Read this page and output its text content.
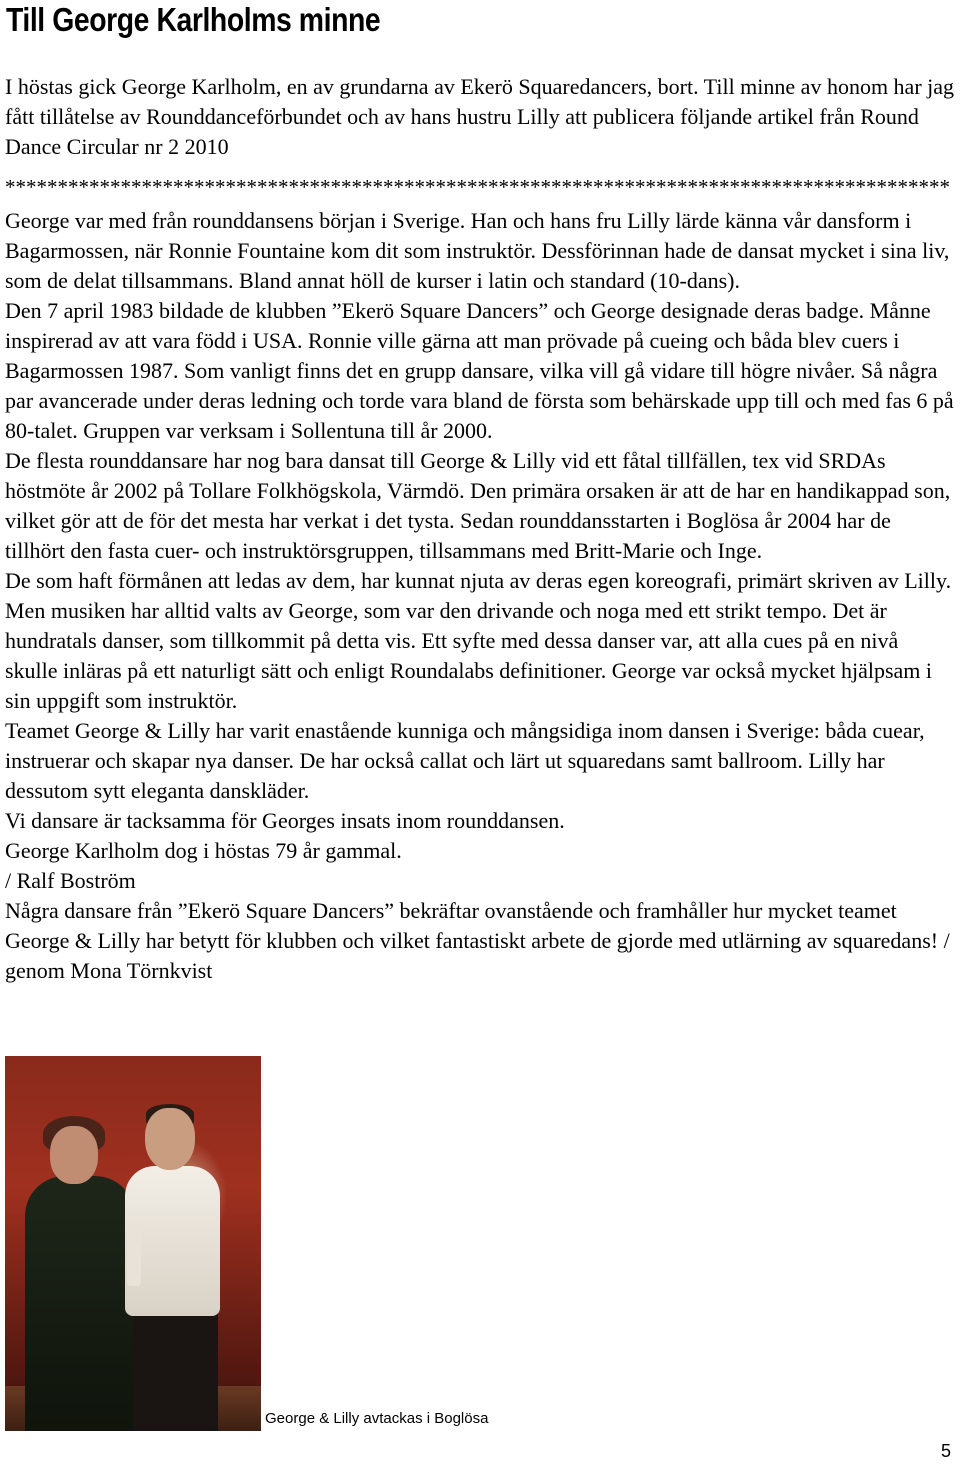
Till George Karlholms minne
I höstas gick George Karlholm, en av grundarna av Ekerö Squaredancers, bort. Till minne av honom har jag fått tillåtelse av Rounddanceförbundet och av hans hustru Lilly att publicera följande artikel från Round Dance Circular nr 2 2010
******************************************************************************************

George var med från rounddansens början i Sverige. Han och hans fru Lilly lärde känna vår dansform i Bagarmossen, när Ronnie Fountaine kom dit som instruktör. Dessförinnan hade de dansat mycket i sina liv, som de delat tillsammans. Bland annat höll de kurser i latin och standard (10-dans).

Den 7 april 1983 bildade de klubben ”Ekerö Square Dancers” och George designade deras badge. Månne inspirerad av att vara född i USA. Ronnie ville gärna att man prövade på cueing och båda blev cuers i Bagarmossen 1987. Som vanligt finns det en grupp dansare, vilka vill gå vidare till högre nivåer. Så några par avancerade under deras ledning och torde vara bland de första som behärskade upp till och med fas 6 på 80-talet. Gruppen var verksam i Sollentuna till år 2000.

De flesta rounddansare har nog bara dansat till George & Lilly vid ett fåtal tillfällen, tex vid SRDAs höstmöte år 2002 på Tollare Folkhögskola, Värmdö. Den primära orsaken är att de har en handikappad son, vilket gör att de för det mesta har verkat i det tysta. Sedan rounddansstarten i Boglösa år 2004 har de tillhört den fasta cuer- och instruktörsgruppen, tillsammans med Britt-Marie och Inge.

De som haft förmånen att ledas av dem, har kunnat njuta av deras egen koreografi, primärt skriven av Lilly. Men musiken har alltid valts av George, som var den drivande och noga med ett strikt tempo. Det är hundratals danser, som tillkommit på detta vis. Ett syfte med dessa danser var, att alla cues på en nivå skulle inläras på ett naturligt sätt och enligt Roundalabs definitioner. George var också mycket hjälpsam i sin uppgift som instruktör.

Teamet George & Lilly har varit enastående kunniga och mångsidiga inom dansen i Sverige: båda cuear, instruerar och skapar nya danser. De har också callat och lärt ut squaredans samt ballroom. Lilly har dessutom sytt eleganta danskläder.

Vi dansare är tacksamma för Georges insats inom rounddansen.

George Karlholm dog i höstas 79 år gammal.

/ Ralf Boström

Några dansare från ”Ekerö Square Dancers” bekräftar ovanstående och framhåller hur mycket teamet George & Lilly har betytt för klubben och vilket fantastiskt arbete de gjorde med utlärning av squaredans! / genom Mona Törnkvist

George & Lilly avtackas i Boglösa
5
